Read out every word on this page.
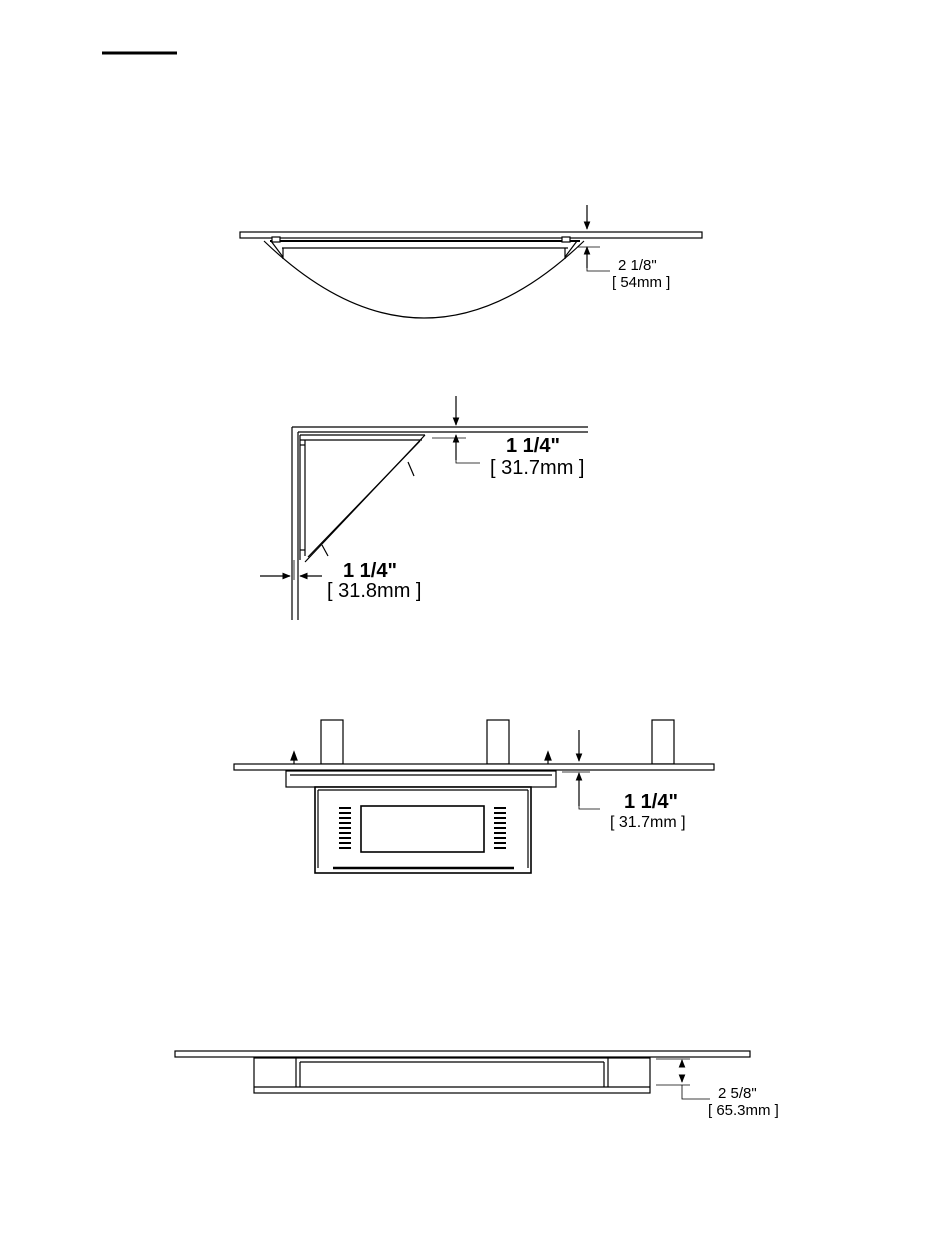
2 1/8"
[ 54mm ]
1 1/4"
[ 31.7mm ]
1 1/4"
[ 31.8mm ]
1 1/4"
[ 31.7mm ]
2 5/8"
[ 65.3mm ]
